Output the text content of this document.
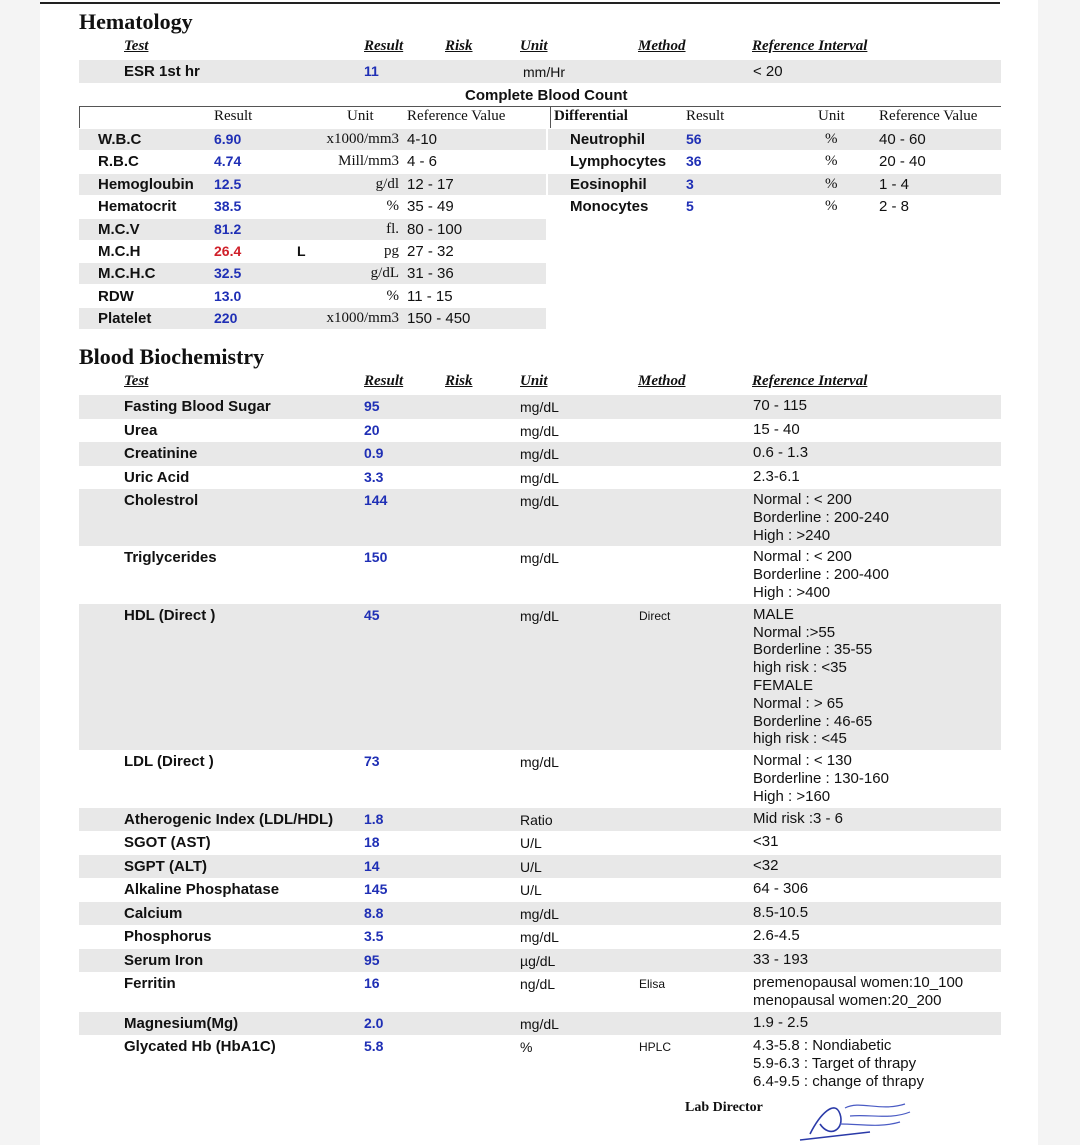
Hematology
Test	Result	Risk	Unit	Method	Reference Interval
ESR 1st hr	11	mm/Hr	< 20
Complete Blood Count
Result	Unit Reference Value	Differential	Result	Unit Reference Value
W.B.C	6.90	x1000/mm3 4-10
R.B.C	4.74	Mill/mm3 4 - 6
Hemogloubin 12.5	g/dl 12 - 17
Hematocrit	38.5	% 35 - 49
M.C.V	81.2	fl. 80 - 100
M.C.H	26.4	L	pg 27 - 32
M.C.H.C	32.5	g/dL 31 - 36
RDW	13.0	% 11 - 15
Platelet	220	x1000/mm3 150 - 450
Neutrophil	56	%	40 - 60
Lymphocytes 36	%	20 - 40
Eosinophil	3	%	1 - 4
Monocytes	5	%	2 - 8
Blood Biochemistry
Test	Result	Risk	Unit	Method	Reference Interval
Fasting Blood Sugar	95	mg/dL	70 - 115
Urea	20	mg/dL	15 - 40
Creatinine	0.9	mg/dL	0.6 - 1.3
Uric Acid	3.3	mg/dL	2.3-6.1
Cholestrol	144	mg/dL	Normal : < 200
Borderline : 200-240
High : >240
Triglycerides	150	mg/dL	Normal : < 200
Borderline : 200-400
High : >400
HDL (Direct )	45	mg/dL	Direct	MALE
Normal :>55
Borderline : 35-55
high risk : <35
FEMALE
Normal : > 65
Borderline : 46-65
high risk : <45
LDL (Direct )	73	mg/dL	Normal : < 130
Borderline : 130-160
High : >160
Atherogenic Index (LDL/HDL) 1.8	Ratio	Mid risk :3 - 6
SGOT (AST)	18	U/L	<31
SGPT (ALT)	14	U/L	<32
Alkaline Phosphatase	145	U/L	64 - 306
Calcium	8.8	mg/dL	8.5-10.5
Phosphorus	3.5	mg/dL	2.6-4.5
Serum Iron	95	µg/dL	33 - 193
Ferritin	16	ng/dL	Elisa	premenopausal women:10_100
menopausal women:20_200
Magnesium(Mg)	2.0	mg/dL	1.9 - 2.5
Glycated Hb (HbA1C)	5.8	%	HPLC	4.3-5.8 : Nondiabetic
5.9-6.3 : Target of thrapy
6.4-9.5 : change of thrapy
Lab Director
